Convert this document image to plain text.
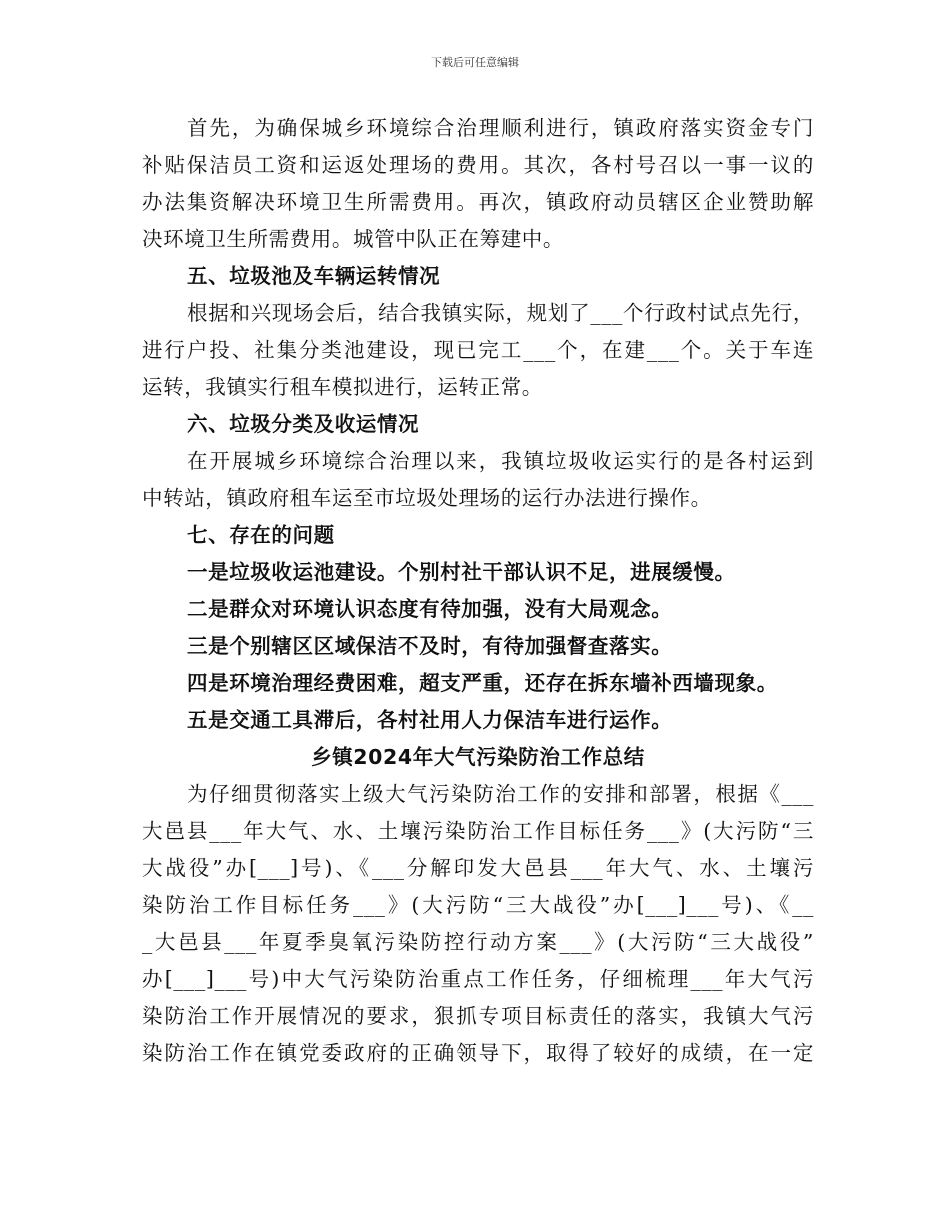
下载后可任意编辑
首先，为确保城乡环境综合治理顺利进行，镇政府落实资金专门
补贴保洁员工资和运返处理场的费用。其次，各村号召以一事一议的
办法集资解决环境卫生所需费用。再次，镇政府动员辖区企业赞助解
决环境卫生所需费用。城管中队正在筹建中。
五、垃圾池及车辆运转情况
根据和兴现场会后，结合我镇实际，规划了___个行政村试点先行，
进行户投、社集分类池建设，现已完工___个，在建___个。关于车连
运转，我镇实行租车模拟进行，运转正常。
六、垃圾分类及收运情况
在开展城乡环境综合治理以来，我镇垃圾收运实行的是各村运到
中转站，镇政府租车运至市垃圾处理场的运行办法进行操作。
七、存在的问题
一是垃圾收运池建设。个别村社干部认识不足，进展缓慢。
二是群众对环境认识态度有待加强，没有大局观念。
三是个别辖区区域保洁不及时，有待加强督查落实。
四是环境治理经费困难，超支严重，还存在拆东墙补西墙现象。
五是交通工具滞后，各村社用人力保洁车进行运作。
乡镇2024年大气污染防治工作总结
为仔细贯彻落实上级大气污染防治工作的安排和部署，根据《___
大邑县___年大气、水、土壤污染防治工作目标任务___》(大污防“三
大战役”办[___]号)、《___分解印发大邑县___年大气、水、土壤污
染防治工作目标任务___》(大污防“三大战役”办[___]___号)、《__
_大邑县___年夏季臭氧污染防控行动方案___》(大污防“三大战役”
办[___]___号)中大气污染防治重点工作任务，仔细梳理___年大气污
染防治工作开展情况的要求，狠抓专项目标责任的落实，我镇大气污
染防治工作在镇党委政府的正确领导下，取得了较好的成绩，在一定
